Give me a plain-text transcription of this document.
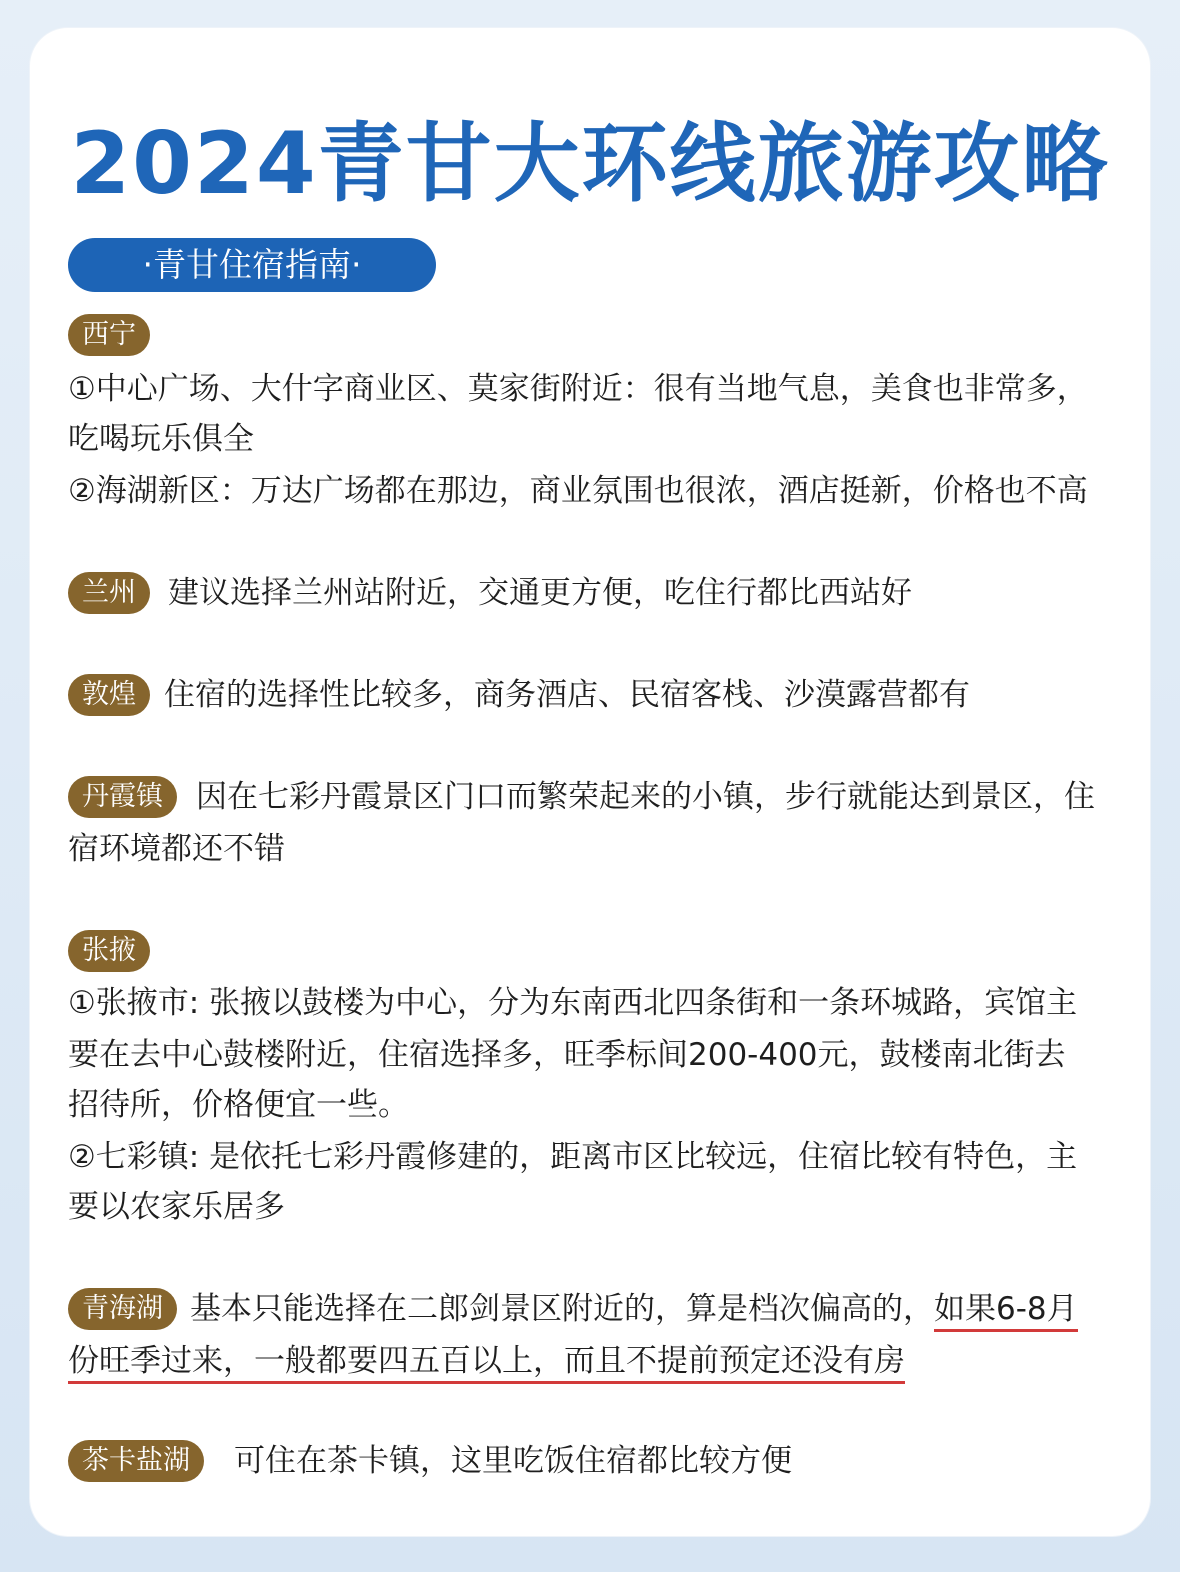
2024青甘大环线旅游攻略
·青甘住宿指南·
西宁
①中心广场、大什字商业区、莫家街附近：很有当地气息，美食也非常多，
吃喝玩乐俱全
②海湖新区：万达广场都在那边，商业氛围也很浓，酒店挺新，价格也不高
兰州	建议选择兰州站附近，交通更方便，吃住行都比西站好
敦煌 住宿的选择性比较多，商务酒店、民宿客栈、沙漠露营都有
丹霞镇	因在七彩丹霞景区门口而繁荣起来的小镇，步行就能达到景区，住
宿环境都还不错
张掖
①张掖市: 张掖以鼓楼为中心，分为东南西北四条街和一条环城路，宾馆主
要在去中心鼓楼附近，住宿选择多，旺季标间200-400元，鼓楼南北街去
招待所，价格便宜一些。
②七彩镇: 是依托七彩丹霞修建的，距离市区比较远，住宿比较有特色，主
要以农家乐居多
青海湖 基本只能选择在二郎剑景区附近的，算是档次偏高的，如果6-8月
份旺季过来，一般都要四五百以上，而且不提前预定还没有房
茶卡盐湖	可住在茶卡镇，这里吃饭住宿都比较方便
